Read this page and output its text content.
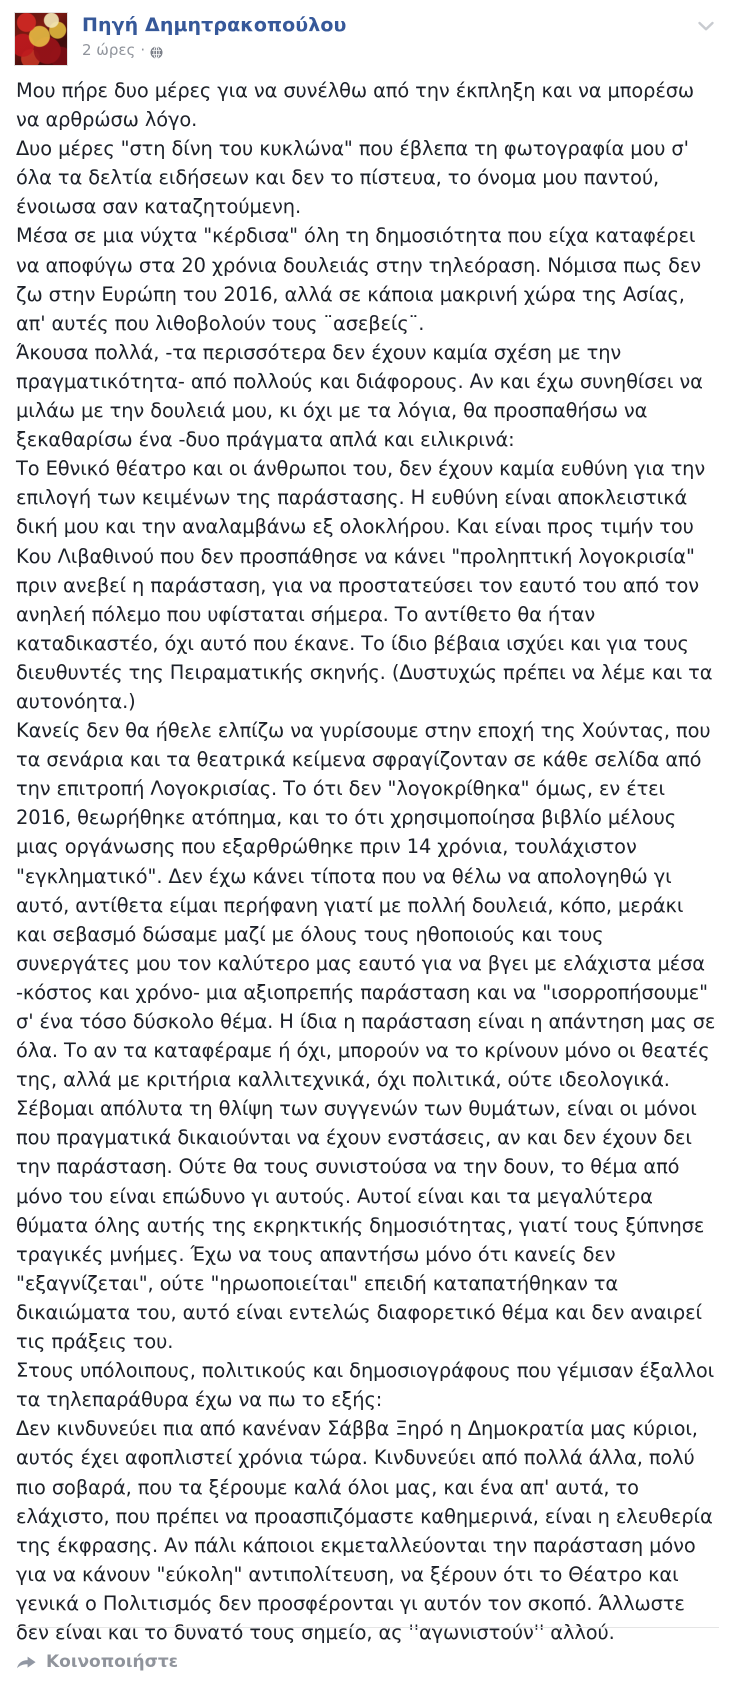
Πηγή Δημητρακοπούλου
2 ώρες ·

Μου πήρε δυο μέρες για να συνέλθω από την έκπληξη και να μπορέσω να αρθρώσω λόγο.

Δυο μέρες "στη δίνη του κυκλώνα" που έβλεπα τη φωτογραφία μου σ' όλα τα δελτία ειδήσεων και δεν το πίστευα, το όνομα μου παντού, ένοιωσα σαν καταζητούμενη.

Μέσα σε μια νύχτα "κέρδισα" όλη τη δημοσιότητα που είχα καταφέρει να αποφύγω στα 20 χρόνια δουλειάς στην τηλεόραση. Νόμισα πως δεν ζω στην Ευρώπη του 2016, αλλά σε κάποια μακρινή χώρα της Ασίας, απ' αυτές που λιθοβολούν τους ¨ασεβείς¨.

Άκουσα πολλά, -τα περισσότερα δεν έχουν καμία σχέση με την πραγματικότητα- από πολλούς και διάφορους. Αν και έχω συνηθίσει να μιλάω με την δουλειά μου, κι όχι με τα λόγια, θα προσπαθήσω να ξεκαθαρίσω ένα -δυο πράγματα απλά και ειλικρινά:

Το Εθνικό θέατρο και οι άνθρωποι του, δεν έχουν καμία ευθύνη για την επιλογή των κειμένων της παράστασης. Η ευθύνη είναι αποκλειστικά δική μου και την αναλαμβάνω εξ ολοκλήρου. Και είναι προς τιμήν του Κου Λιβαθινού που δεν προσπάθησε να κάνει "προληπτική λογοκρισία" πριν ανεβεί η παράσταση, για να προστατεύσει τον εαυτό του από τον ανηλεή πόλεμο που υφίσταται σήμερα. Το αντίθετο θα ήταν καταδικαστέο, όχι αυτό που έκανε. Το ίδιο βέβαια ισχύει και για τους διευθυντές της Πειραματικής σκηνής. (Δυστυχώς πρέπει να λέμε και τα αυτονόητα.)

Κανείς δεν θα ήθελε ελπίζω να γυρίσουμε στην εποχή της Χούντας, που τα σενάρια και τα θεατρικά κείμενα σφραγίζονταν σε κάθε σελίδα από την επιτροπή Λογοκρισίας. Το ότι δεν "λογοκρίθηκα" όμως, εν έτει 2016, θεωρήθηκε ατόπημα, και το ότι χρησιμοποίησα βιβλίο μέλους μιας οργάνωσης που εξαρθρώθηκε πριν 14 χρόνια, τουλάχιστον "εγκληματικό". Δεν έχω κάνει τίποτα που να θέλω να απολογηθώ γι αυτό, αντίθετα είμαι περήφανη γιατί με πολλή δουλειά, κόπο, μεράκι και σεβασμό δώσαμε μαζί με όλους τους ηθοποιούς και τους συνεργάτες μου τον καλύτερο μας εαυτό για να βγει με ελάχιστα μέσα -κόστος και χρόνο- μια αξιοπρεπής παράσταση και να "ισορροπήσουμε" σ' ένα τόσο δύσκολο θέμα. Η ίδια η παράσταση είναι η απάντηση μας σε όλα. Το αν τα καταφέραμε ή όχι, μπορούν να το κρίνουν μόνο οι θεατές της, αλλά με κριτήρια καλλιτεχνικά, όχι πολιτικά, ούτε ιδεολογικά.

Σέβομαι απόλυτα τη θλίψη των συγγενών των θυμάτων, είναι οι μόνοι που πραγματικά δικαιούνται να έχουν ενστάσεις, αν και δεν έχουν δει την παράσταση. Ούτε θα τους συνιστούσα να την δουν, το θέμα από μόνο του είναι επώδυνο γι αυτούς. Αυτοί είναι και τα μεγαλύτερα θύματα όλης αυτής της εκρηκτικής δημοσιότητας, γιατί τους ξύπνησε τραγικές μνήμες. Έχω να τους απαντήσω μόνο ότι κανείς δεν "εξαγνίζεται", ούτε "ηρωοποιείται" επειδή καταπατήθηκαν τα δικαιώματα του, αυτό είναι εντελώς διαφορετικό θέμα και δεν αναιρεί τις πράξεις του.

Στους υπόλοιπους, πολιτικούς και δημοσιογράφους που γέμισαν έξαλλοι τα τηλεπαράθυρα έχω να πω το εξής:

Δεν κινδυνεύει πια από κανέναν Σάββα Ξηρό η Δημοκρατία μας κύριοι, αυτός έχει αφοπλιστεί χρόνια τώρα. Κινδυνεύει από πολλά άλλα, πολύ πιο σοβαρά, που τα ξέρουμε καλά όλοι μας, και ένα απ' αυτά, το ελάχιστο, που πρέπει να προασπιζόμαστε καθημερινά, είναι η ελευθερία της έκφρασης. Αν πάλι κάποιοι εκμεταλλεύονται την παράσταση μόνο για να κάνουν "εύκολη" αντιπολίτευση, να ξέρουν ότι το Θέατρο και γενικά ο Πολιτισμός δεν προσφέρονται γι αυτόν τον σκοπό. Άλλωστε δεν είναι και το δυνατό τους σημείο, ας ''αγωνιστούν'' αλλού.

Κοινοποιήστε
